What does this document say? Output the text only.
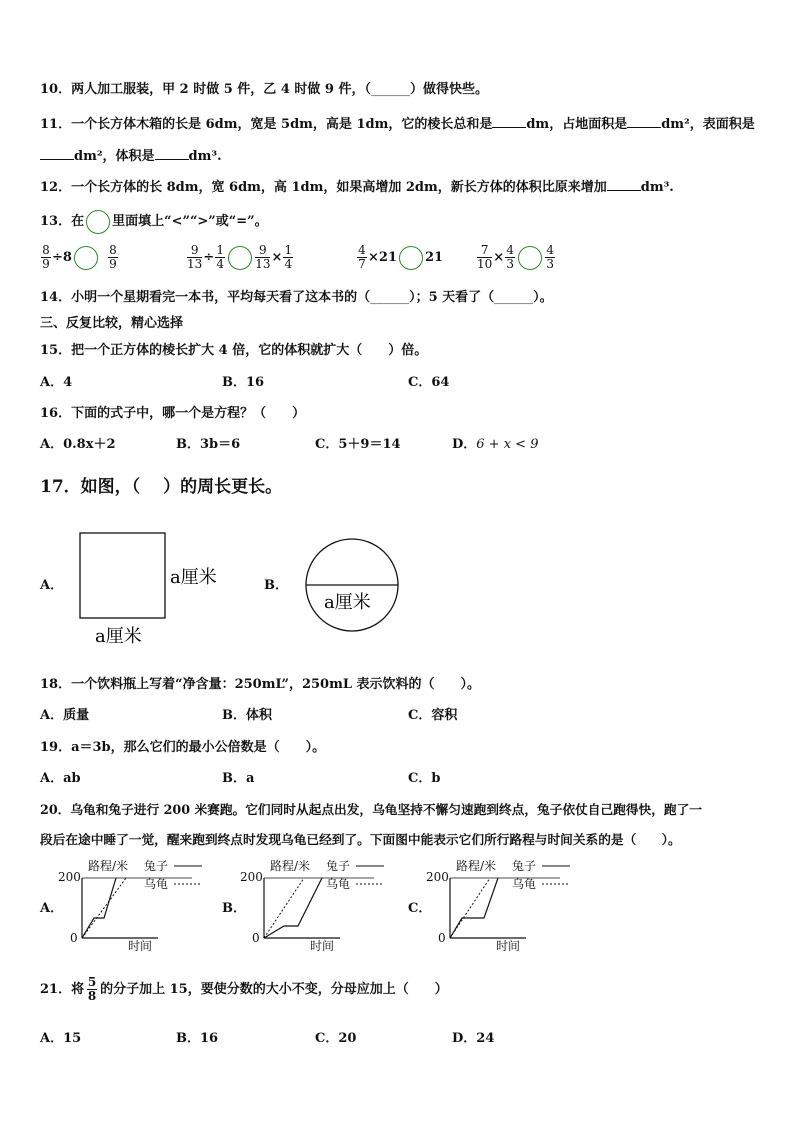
10．两人加工服装，甲 2 时做 5 件，乙 4 时做 9 件，（______）做得快些。
11．一个长方体木箱的长是 6dm，宽是 5dm，高是 1dm，它的棱长总和是	dm，占地面积是	dm²，表面积是
dm²，体积是	dm³.
12．一个长方体的长 8dm，宽 6dm，高 1dm，如果高增加 2dm，新长方体的体积比原来增加	dm³.
13．在 里面填上“<”“>”或“=”。
$\frac{8}{9} \div 8$	$\frac{8}{9}$	$\frac{9}{13} \div \frac{1}{4}$	$\frac{9}{13} \times \frac{1}{4}$	$\frac{4}{7} \times 21$ 21	$\frac{7}{10} \times \frac{4}{3}$	$\frac{4}{3}$
14．小明一个星期看完一本书，平均每天看了这本书的（______）；5 天看了（______）。
三、反复比较，精心选择
15．把一个正方体的棱长扩大 4 倍，它的体积就扩大（　　）倍。
A．4	B．16	C．64
16．下面的式子中，哪一个是方程？（　　）
A．0.8x＋2	B．3b＝6	C．5＋9＝14	D．6 + x < 9
17．如图，（　 ）的周长更长。
A．	a厘米
a厘米
B．
a厘米
18．一个饮料瓶上写着“净含量：250mL”，250mL 表示饮料的（　　）。
A．质量	B．体积	C．容积
19．a＝3b，那么它们的最小公倍数是（　　）。
A．ab	B．a	C．b
20．乌龟和兔子进行 200 米赛跑。它们同时从起点出发，乌龟坚持不懈匀速跑到终点，兔子依仗自己跑得快，跑了一
段后在途中睡了一觉，醒来跑到终点时发现乌龟已经到了。下面图中能表示它们所行路程与时间关系的是（　　）。
A．	B．	C．
路程/米
时间
200
0
兔子
乌龟
路程/米
时间
200
0
兔子
乌龟
路程/米
时间
200
0
兔子
乌龟
21．将 $\frac{5}{8}$ 的分子加上 15，要使分数的大小不变，分母应加上（　　）
A．15	B．16	C．20	D．24
